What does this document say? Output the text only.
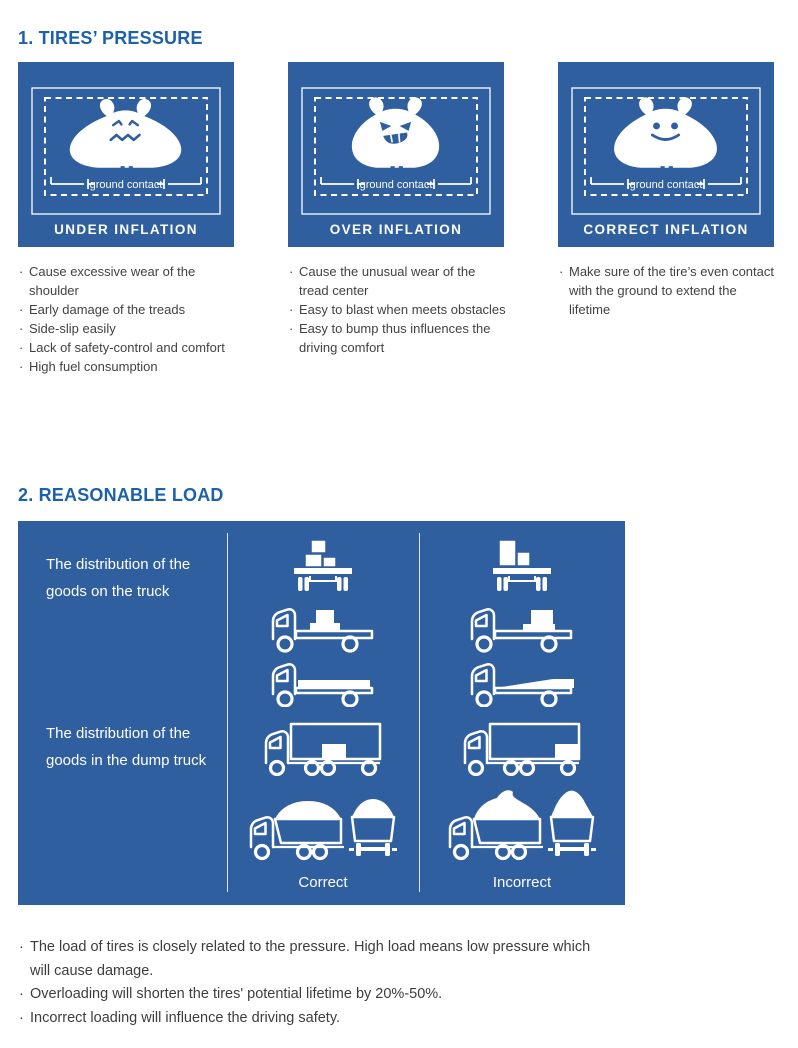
1. TIRES’ PRESSURE
ground contact
UNDER INFLATION
ground contact
OVER INFLATION
ground contact
CORRECT INFLATION
· Cause excessive wear of the shoulder
· Early damage of the treads
· Side-slip easily
· Lack of safety-control and comfort
· High fuel consumption
· Cause the unusual wear of the tread center
· Easy to blast when meets obstacles
· Easy to bump thus influences the driving comfort
· Make sure of the tire’s even contact with the ground to extend the lifetime
2. REASONABLE LOAD
The distribution of the goods on the truck
The distribution of the goods in the dump truck
Correct	Incorrect
· The load of tires is closely related to the pressure. High load means low pressure which will cause damage.
· Overloading will shorten the tires' potential lifetime by 20%-50%.
· Incorrect loading will influence the driving safety.
